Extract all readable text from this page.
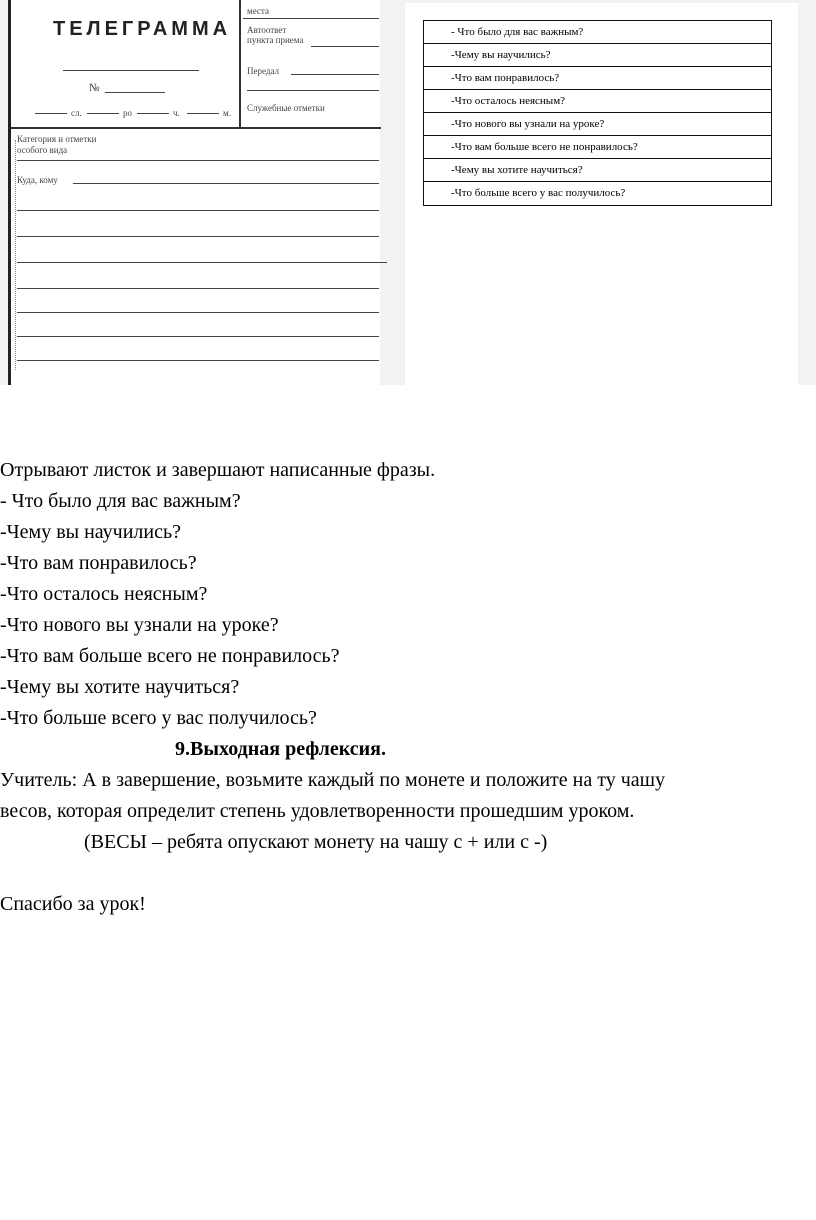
ТЕЛЕГРАММА
места
Автоответ
пункта приема
Передал
Служебные отметки
№
сл.	ро	ч.	м.
Категория и отметки
особого вида
Куда, кому
- Что было для вас важным?
-Чему вы научились?
-Что вам понравилось?
-Что осталось неясным?
-Что нового вы узнали на уроке?
-Что вам больше всего не понравилось?
-Чему вы хотите научиться?
-Что больше всего у вас получилось?

Отрывают листок и завершают написанные фразы.

- Что было для вас важным?

-Чему вы научились?

-Что вам понравилось?

-Что осталось неясным?

-Что нового вы узнали на уроке?

-Что вам больше всего не понравилось?

-Чему вы хотите научиться?

-Что больше всего у вас получилось?

9.Выходная рефлексия.

Учитель: А в завершение, возьмите каждый по монете и положите на ту чашу

весов, которая определит степень удовлетворенности прошедшим уроком.

(ВЕСЫ – ребята опускают монету на чашу с + или с -)

Спасибо за урок!
